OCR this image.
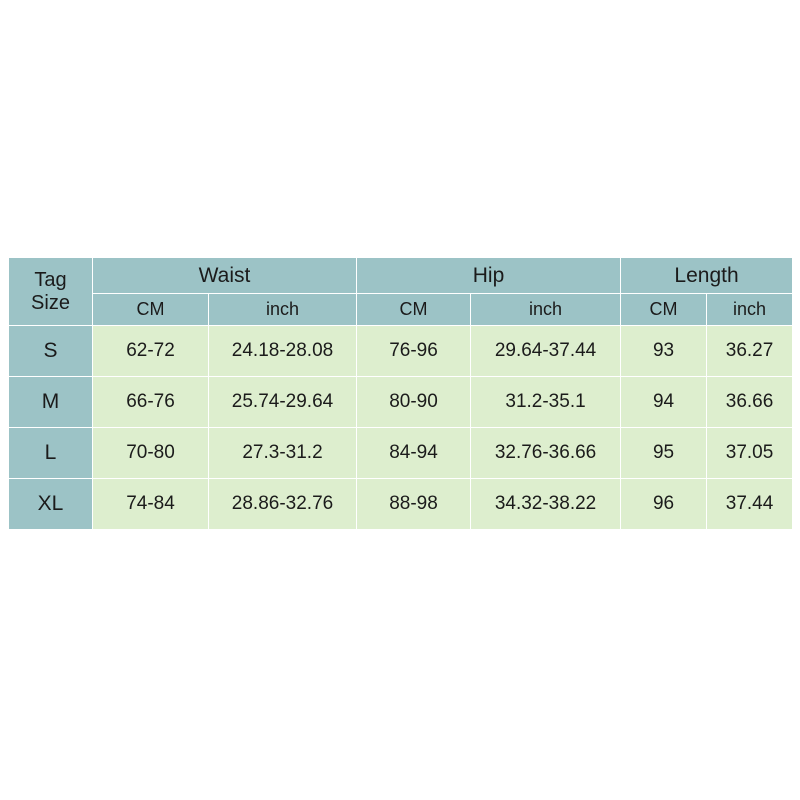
Tag
Size	Waist		Hip		Length	
	CM	inch	CM	inch	CM	inch
S	62-72	24.18-28.08	76-96	29.64-37.44	93	36.27
M	66-76	25.74-29.64	80-90	31.2-35.1	94	36.66
L	70-80	27.3-31.2	84-94	32.76-36.66	95	37.05
XL	74-84	28.86-32.76	88-98	34.32-38.22	96	37.44
